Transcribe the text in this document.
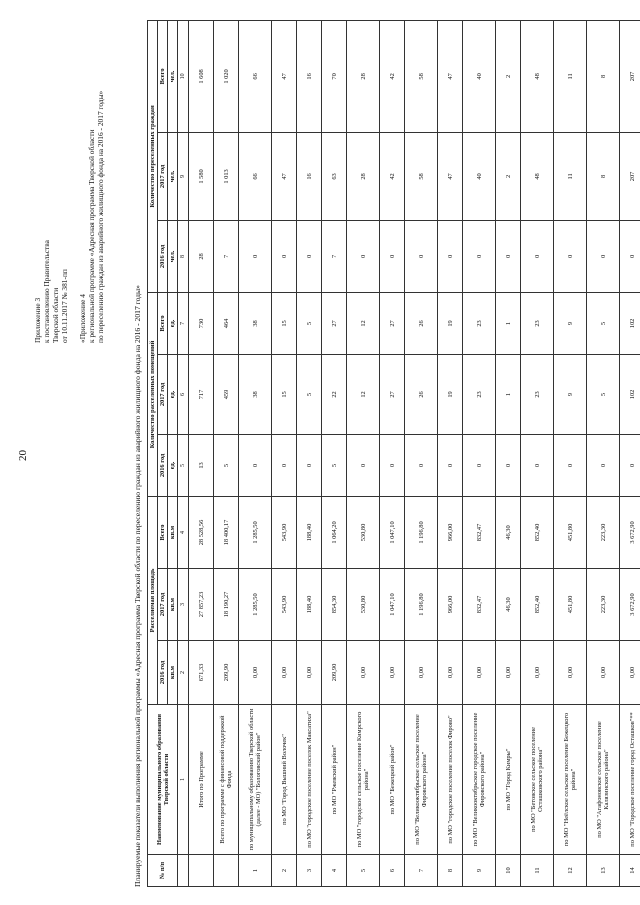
20
Приложение 3 к постановлению Правительства Тверской области от 10.11.2017 № 381-пп
«Приложение 4 к региональной программе «Адресная программа Тверской области по переселению граждан из аварийного жилищного фонда на 2016 - 2017 годы»
Планируемые показатели выполнения региональной программы «Адресная программа Тверской области по переселению граждан из аварийного жилищного фонда на 2016 - 2017 годы»	№ п/п	Наименование муниципального образования Тверской области	Расселяемая площадь			Количество расселенных помещений			Количество переселенных граждан		
		2016 год	2017 год	Всего	2016 год	2017 год	Всего	2016 год	2017 год	Всего
		кв.м	кв.м	кв.м	ед.	ед.	ед.	чел.	чел.	чел.
	1	2	3	4	5	6	7	8	9	10
	Итого по Программе	671,33	27 857,23	28 528,56	13	717	730	28	1 580	1 608
	Всего по программе с финансовой поддержкой Фонда	209,90	18 190,27	18 400,17	5	459	464	7	1 013	1 020
1	по муниципальному образованию Тверской области (далее - МО) "Бологовский район"	0,00	1 285,50	1 285,50	0	38	38	0	66	66
2	по МО "Город Вышний Волочек"	0,00	543,90	543,90	0	15	15	0	47	47
3	по МО "городское поселение поселок Максатиха"	0,00	188,40	188,40	0	5	5	0	16	16
4	по МО "Ржевский район"	209,90	854,30	1 064,20	5	22	27	7	63	70
5	по МО "городское сельское поселение Кимрского района"	0,00	530,80	530,80	0	12	12	0	28	28
6	по МО "Бежецкий район"	0,00	1 047,10	1 047,10	0	27	27	0	42	42
7	по МО "Великооктябрьское сельское поселение Фировского района"	0,00	1 196,80	1 196,80	0	26	26	0	58	58
8	по МО "городское поселение поселок Фирово"	0,00	966,00	966,00	0	19	19	0	47	47
9	по МО "Великооктябрьское городское поселение Фировского района"	0,00	832,47	832,47	0	23	23	0	40	40
10	по МО "Город Кимры"	0,00	46,30	46,30	0	1	1	0	2	2
11	по МО "Бетовское сельское поселение Осташковского района"	0,00	852,40	852,40	0	23	23	0	48	48
12	по МО "Неёлское сельское поселение Бежецкого района"	0,00	451,80	451,80	0	9	9	0	11	11
13	по МО "Агафоновское сельское поселение Калязинского района"	0,00	223,30	223,30	0	5	5	0	8	8
14	по МО "Городское поселение город Осташков"**	0,00	3 672,90	3 672,90	0	102	102	0	207	207
